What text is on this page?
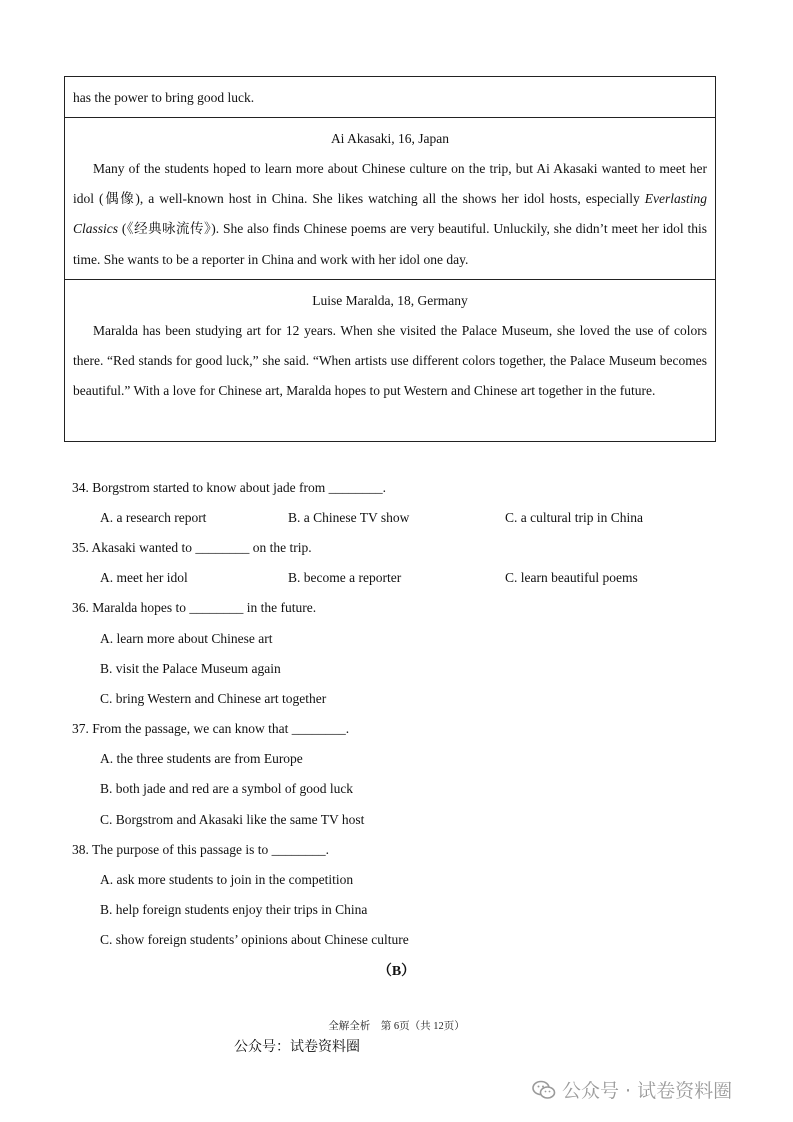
has the power to bring good luck.
Ai Akasaki, 16, Japan
Many of the students hoped to learn more about Chinese culture on the trip, but Ai Akasaki wanted to meet her idol (偶像), a well-known host in China. She likes watching all the shows her idol hosts, especially Everlasting Classics (《经典咏流传》). She also finds Chinese poems are very beautiful. Unluckily, she didn’t meet her idol this time. She wants to be a reporter in China and work with her idol one day.
Luise Maralda, 18, Germany
Maralda has been studying art for 12 years. When she visited the Palace Museum, she loved the use of colors there. “Red stands for good luck,” she said. “When artists use different colors together, the Palace Museum becomes beautiful.” With a love for Chinese art, Maralda hopes to put Western and Chinese art together in the future.
34. Borgstrom started to know about jade from ________.
A. a research report	B. a Chinese TV show	C. a cultural trip in China
35. Akasaki wanted to ________ on the trip.
A. meet her idol	B. become a reporter	C. learn beautiful poems
36. Maralda hopes to ________ in the future.
A. learn more about Chinese art
B. visit the Palace Museum again
C. bring Western and Chinese art together
37. From the passage, we can know that ________.
A. the three students are from Europe
B. both jade and red are a symbol of good luck
C. Borgstrom and Akasaki like the same TV host
38. The purpose of this passage is to ________.
A. ask more students to join in the competition
B. help foreign students enjoy their trips in China
C. show foreign students’ opinions about Chinese culture
（B）
全解全析　第 6页（共 12页）
公众号：试卷资料圈
公众号 · 试卷资料圈
